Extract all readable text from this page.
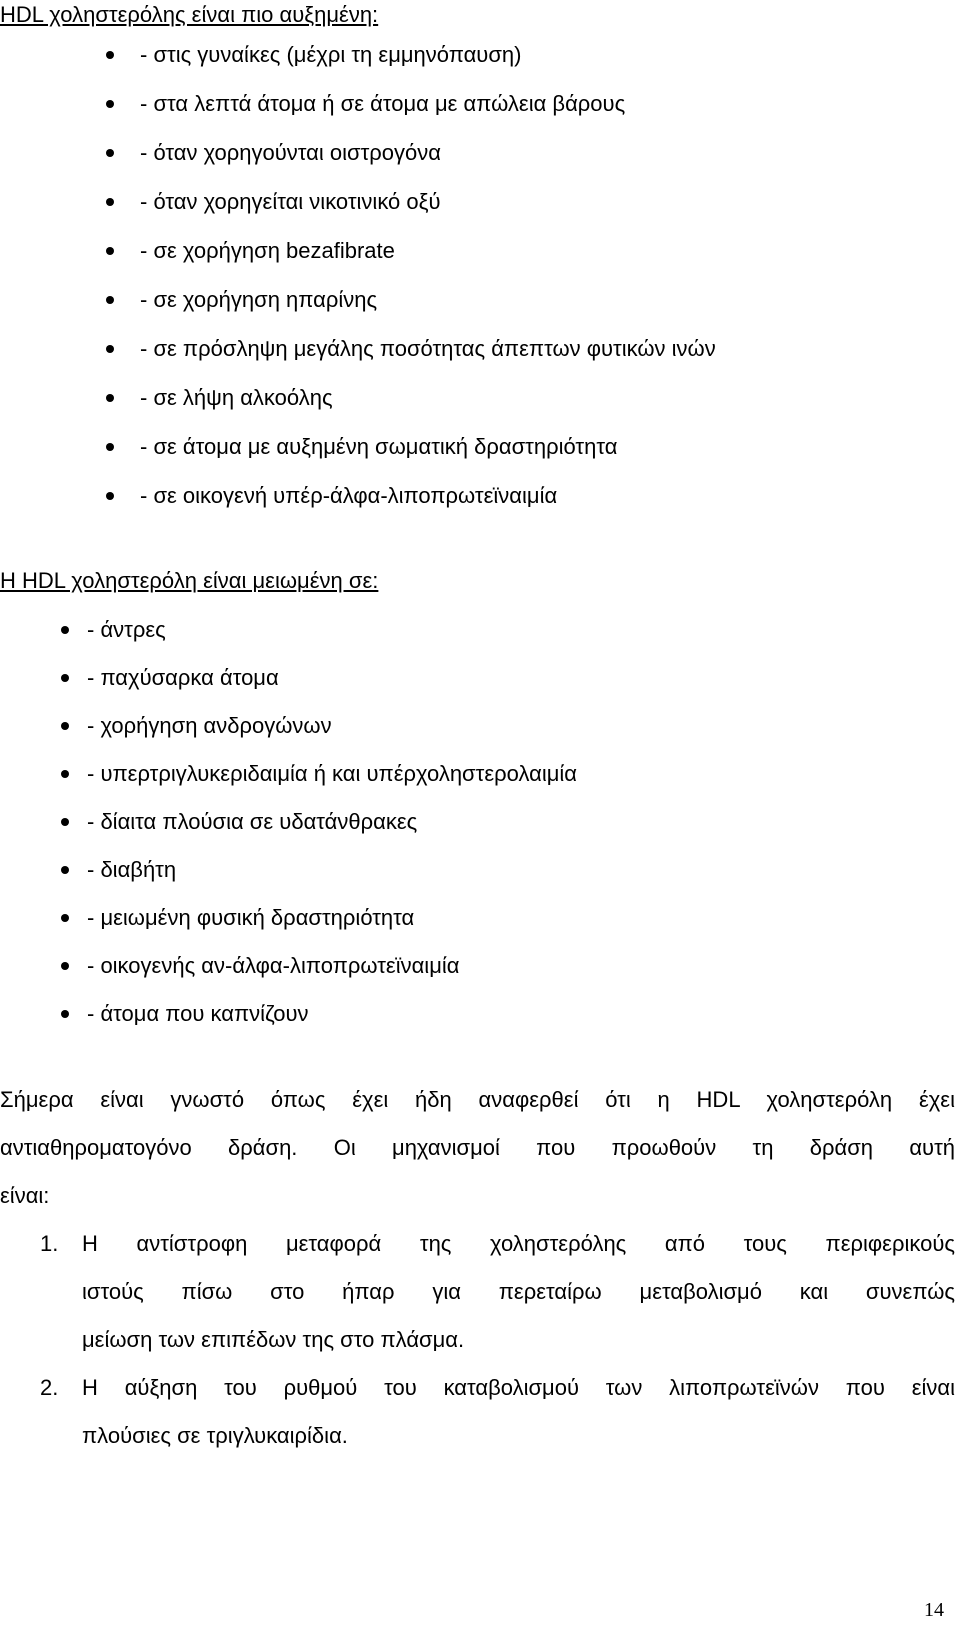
HDL χοληστερόλης είναι πιο αυξημένη:
- στις γυναίκες (μέχρι τη εμμηνόπαυση)
- στα λεπτά άτομα ή σε άτομα με απώλεια βάρους
- όταν χορηγούνται οιστρογόνα
- όταν χορηγείται νικοτινικό οξύ
- σε χορήγηση bezafibrate
- σε χορήγηση ηπαρίνης
- σε πρόσληψη μεγάλης ποσότητας άπεπτων φυτικών ινών
- σε λήψη αλκοόλης
- σε άτομα με αυξημένη σωματική δραστηριότητα
- σε οικογενή υπέρ-άλφα-λιποπρωτεϊναιμία
Η HDL χοληστερόλη είναι μειωμένη σε:
- άντρες
- παχύσαρκα άτομα
- χορήγηση ανδρογώνων
- υπερτριγλυκεριδαιμία ή και υπέρχοληστερολαιμία
- δίαιτα πλούσια σε υδατάνθρακες
- διαβήτη
- μειωμένη φυσική δραστηριότητα
- οικογενής αν-άλφα-λιποπρωτεϊναιμία
- άτομα που καπνίζουν
Σήμερα είναι γνωστό όπως έχει ήδη αναφερθεί ότι η HDL χοληστερόλη έχει
αντιαθηροματογόνο δράση. Οι μηχανισμοί που προωθούν τη δράση αυτή
είναι:
1. Η αντίστροφη μεταφορά της χοληστερόλης από τους περιφερικούς
ιστούς πίσω στο ήπαρ για περεταίρω μεταβολισμό και συνεπώς
μείωση των επιπέδων της στο πλάσμα.
2. Η αύξηση του ρυθμού του καταβολισμού των λιποπρωτεϊνών που είναι
πλούσιες σε τριγλυκαιρίδια.
14
